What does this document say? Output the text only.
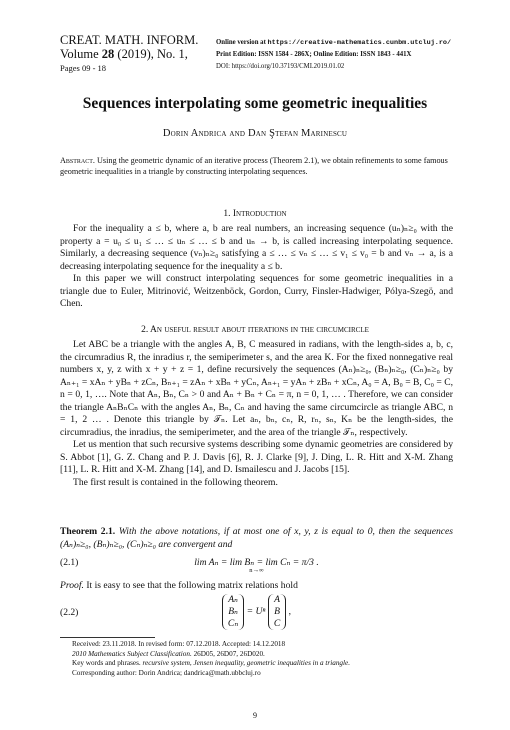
CREAT. MATH. INFORM.
Volume 28 (2019), No. 1,
Pages 09 - 18
Online version at https://creative-mathematics.cunbm.utcluj.ro/
Print Edition: ISSN 1584 - 286X; Online Edition: ISSN 1843 - 441X
DOI: https://doi.org/10.37193/CMI.2019.01.02
Sequences interpolating some geometric inequalities
Dorin Andrica and Dan Ştefan Marinescu
Abstract. Using the geometric dynamic of an iterative process (Theorem 2.1), we obtain refinements to some famous geometric inequalities in a triangle by constructing interpolating sequences.
1. Introduction

For the inequality a ≤ b, where a, b are real numbers, an increasing sequence (uₙ)ₙ≥₀ with the property a = u₀ ≤ u₁ ≤ … ≤ uₙ ≤ … ≤ b and uₙ → b, is called increasing interpolating sequence. Similarly, a decreasing sequence (vₙ)ₙ≥₀ satisfying a ≤ … ≤ vₙ ≤ … ≤ v₁ ≤ v₀ = b and vₙ → a, is a decreasing interpolating sequence for the inequality a ≤ b.

In this paper we will construct interpolating sequences for some geometric inequalities in a triangle due to Euler, Mitrinović, Weitzenböck, Gordon, Curry, Finsler-Hadwiger, Pólya-Szegö, and Chen.

2. An useful result about iterations in the circumcircle

Let ABC be a triangle with the angles A, B, C measured in radians, with the length-sides a, b, c, the circumradius R, the inradius r, the semiperimeter s, and the area K. For the fixed nonnegative real numbers x, y, z with x + y + z = 1, define recursively the sequences (Aₙ)ₙ≥₀, (Bₙ)ₙ≥₀, (Cₙ)ₙ≥₀ by Aₙ₊₁ = xAₙ + yBₙ + zCₙ, Bₙ₊₁ = zAₙ + xBₙ + yCₙ, Aₙ₊₁ = yAₙ + zBₙ + xCₙ, A₀ = A, B₀ = B, C₀ = C, n = 0, 1, …. Note that Aₙ, Bₙ, Cₙ > 0 and Aₙ + Bₙ + Cₙ = π, n = 0, 1, … . Therefore, we can consider the triangle AₙBₙCₙ with the angles Aₙ, Bₙ, Cₙ and having the same circumcircle as triangle ABC, n = 1, 2 … . Denote this triangle by 𝒯ₙ. Let aₙ, bₙ, cₙ, R, rₙ, sₙ, Kₙ be the length-sides, the circumradius, the inradius, the semiperimeter, and the area of the triangle 𝒯ₙ, respectively.

Let us mention that such recursive systems describing some dynamic geometries are considered by S. Abbot [1], G. Z. Chang and P. J. Davis [6], R. J. Clarke [9], J. Ding, L. R. Hitt and X-M. Zhang [11], L. R. Hitt and X-M. Zhang [14], and D. Ismailescu and J. Jacobs [15].

The first result is contained in the following theorem.

Theorem 2.1. With the above notations, if at most one of x, y, z is equal to 0, then the sequences (Aₙ)ₙ≥₀, (Bₙ)ₙ≥₀, (Cₙ)ₙ≥₀ are convergent and

(2.1)	lim Aₙ = lim Bₙ = lim Cₙ = π/3 .
n→∞

Proof. It is easy to see that the following matrix relations hold

(2.2)
Aₙ
Bₙ
Cₙ = Uⁿ A
B
C ,
Received: 23.11.2018. In revised form: 07.12.2018. Accepted: 14.12.2018
2010 Mathematics Subject Classification. 26D05, 26D07, 26D020.
Key words and phrases. recursive system, Jensen inequality, geometric inequalities in a triangle.
Corresponding author: Dorin Andrica; dandrica@math.ubbcluj.ro
9
